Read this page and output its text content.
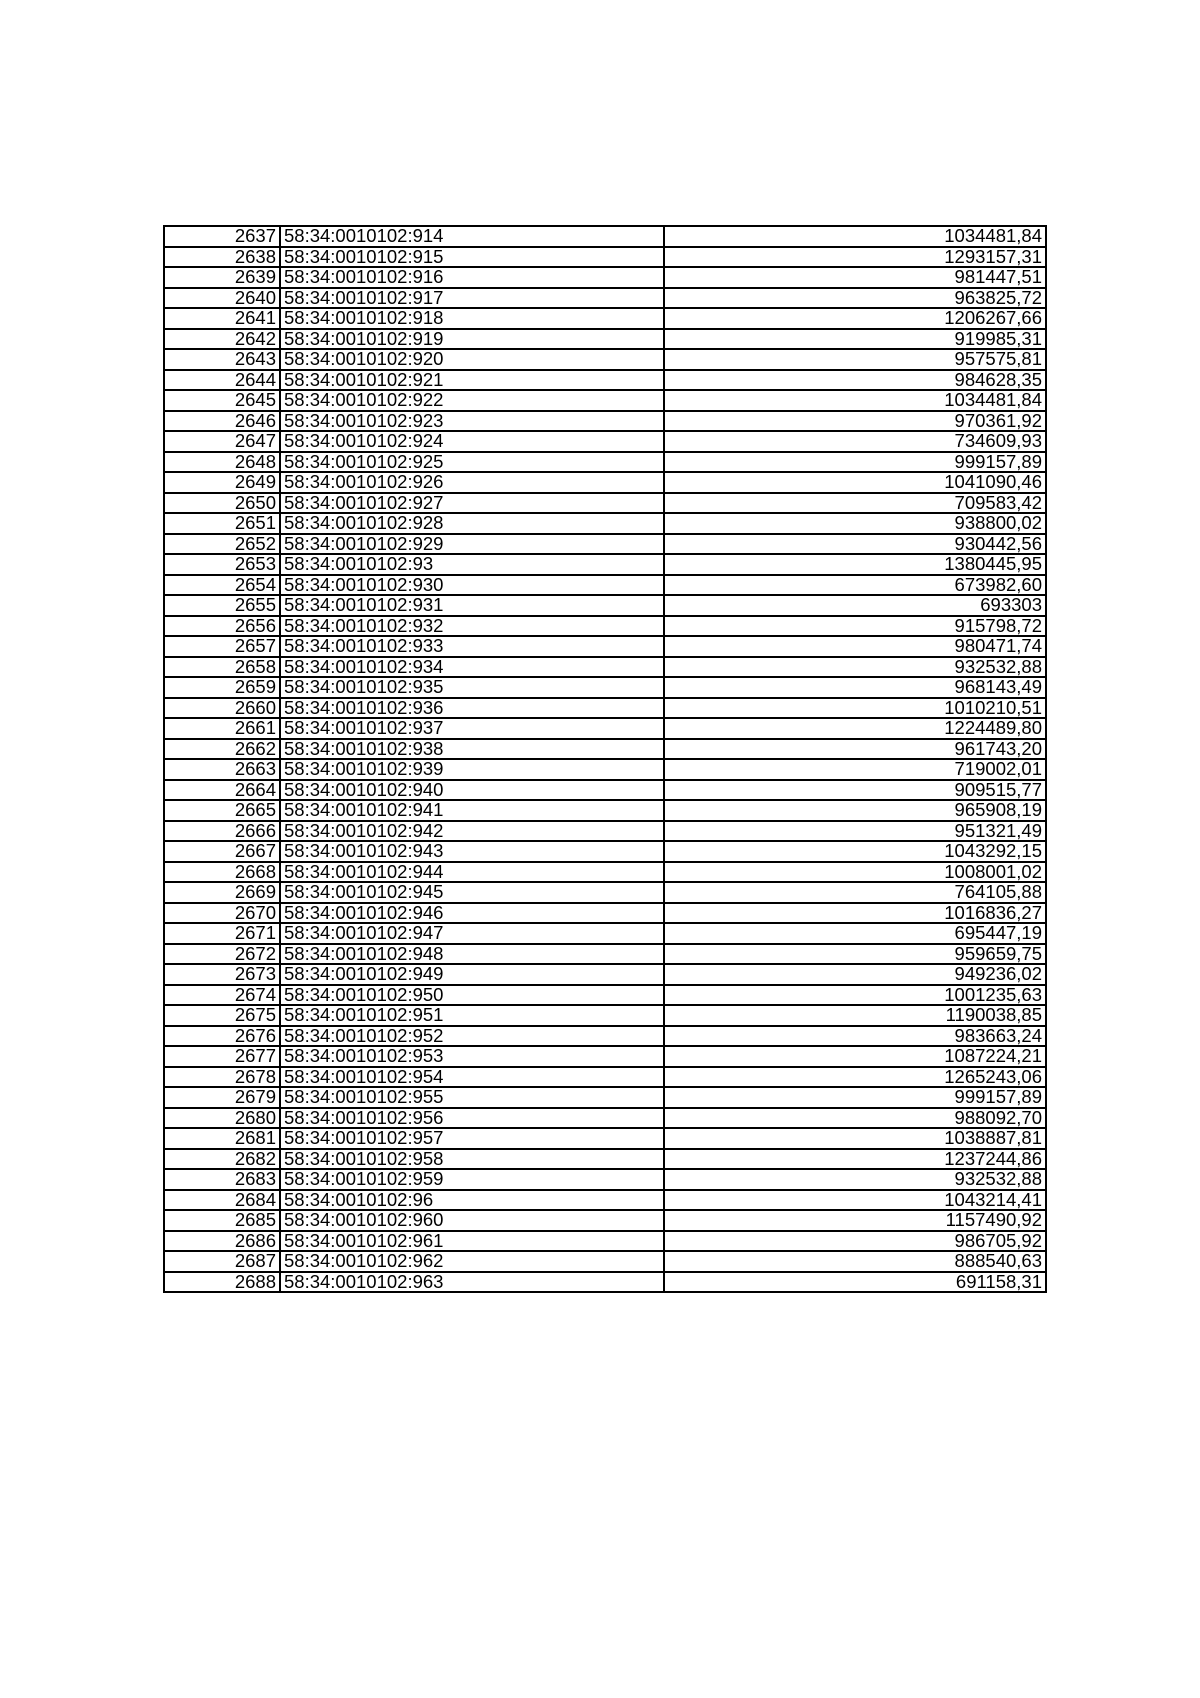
2637	58:34:0010102:914	1034481,84
2638	58:34:0010102:915	1293157,31
2639	58:34:0010102:916	981447,51
2640	58:34:0010102:917	963825,72
2641	58:34:0010102:918	1206267,66
2642	58:34:0010102:919	919985,31
2643	58:34:0010102:920	957575,81
2644	58:34:0010102:921	984628,35
2645	58:34:0010102:922	1034481,84
2646	58:34:0010102:923	970361,92
2647	58:34:0010102:924	734609,93
2648	58:34:0010102:925	999157,89
2649	58:34:0010102:926	1041090,46
2650	58:34:0010102:927	709583,42
2651	58:34:0010102:928	938800,02
2652	58:34:0010102:929	930442,56
2653	58:34:0010102:93	1380445,95
2654	58:34:0010102:930	673982,60
2655	58:34:0010102:931	693303
2656	58:34:0010102:932	915798,72
2657	58:34:0010102:933	980471,74
2658	58:34:0010102:934	932532,88
2659	58:34:0010102:935	968143,49
2660	58:34:0010102:936	1010210,51
2661	58:34:0010102:937	1224489,80
2662	58:34:0010102:938	961743,20
2663	58:34:0010102:939	719002,01
2664	58:34:0010102:940	909515,77
2665	58:34:0010102:941	965908,19
2666	58:34:0010102:942	951321,49
2667	58:34:0010102:943	1043292,15
2668	58:34:0010102:944	1008001,02
2669	58:34:0010102:945	764105,88
2670	58:34:0010102:946	1016836,27
2671	58:34:0010102:947	695447,19
2672	58:34:0010102:948	959659,75
2673	58:34:0010102:949	949236,02
2674	58:34:0010102:950	1001235,63
2675	58:34:0010102:951	1190038,85
2676	58:34:0010102:952	983663,24
2677	58:34:0010102:953	1087224,21
2678	58:34:0010102:954	1265243,06
2679	58:34:0010102:955	999157,89
2680	58:34:0010102:956	988092,70
2681	58:34:0010102:957	1038887,81
2682	58:34:0010102:958	1237244,86
2683	58:34:0010102:959	932532,88
2684	58:34:0010102:96	1043214,41
2685	58:34:0010102:960	1157490,92
2686	58:34:0010102:961	986705,92
2687	58:34:0010102:962	888540,63
2688	58:34:0010102:963	691158,31
